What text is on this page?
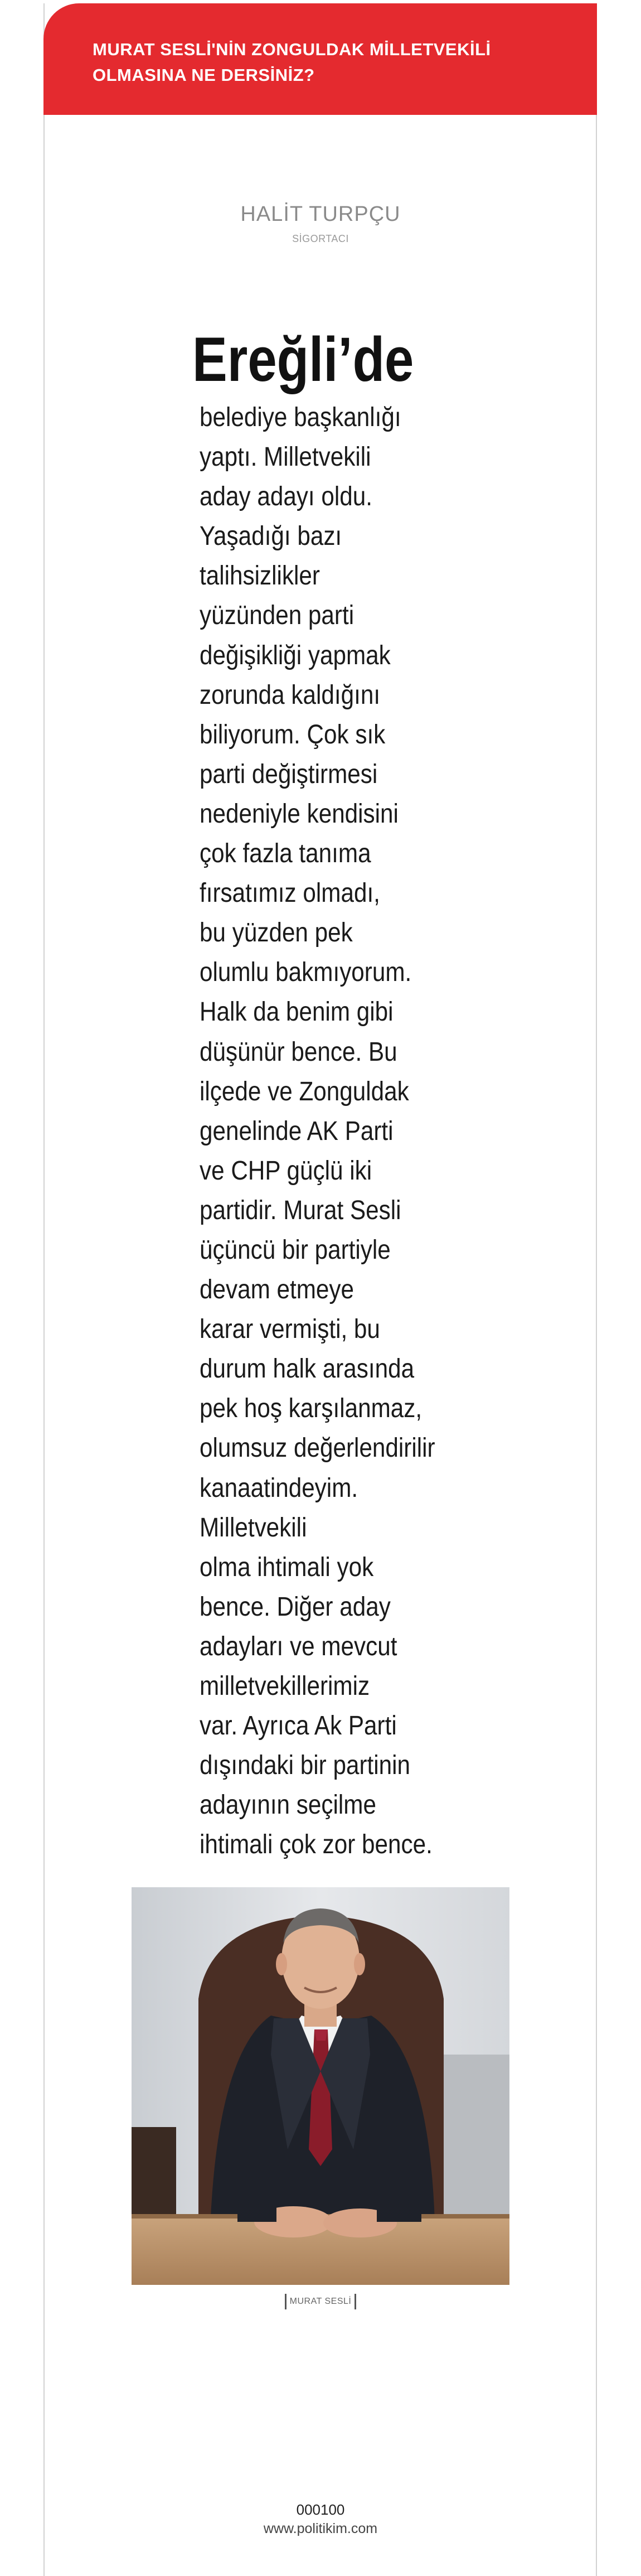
MURAT SESLİ'NİN ZONGULDAK MİLLETVEKİLİ
OLMASINA NE DERSİNİZ?
HALİT TURPÇU
SİGORTACI
Ereğli’de
belediye başkanlığı
yaptı. Milletvekili
aday adayı oldu.
Yaşadığı bazı
talihsizlikler
yüzünden parti
değişikliği yapmak
zorunda kaldığını
biliyorum. Çok sık
parti değiştirmesi
nedeniyle kendisini
çok fazla tanıma
fırsatımız olmadı,
bu yüzden pek
olumlu bakmıyorum.
Halk da benim gibi
düşünür bence. Bu
ilçede ve Zonguldak
genelinde AK Parti
ve CHP güçlü iki
partidir. Murat Sesli
üçüncü bir partiyle
devam etmeye
karar vermişti, bu
durum halk arasında
pek hoş karşılanmaz,
olumsuz değerlendirilir
kanaatindeyim.
Milletvekili
olma ihtimali yok
bence. Diğer aday
adayları ve mevcut
milletvekillerimiz
var. Ayrıca Ak Parti
dışındaki bir partinin
adayının seçilme
ihtimali çok zor bence.
MURAT SESLİ
000100
www.politikim.com
